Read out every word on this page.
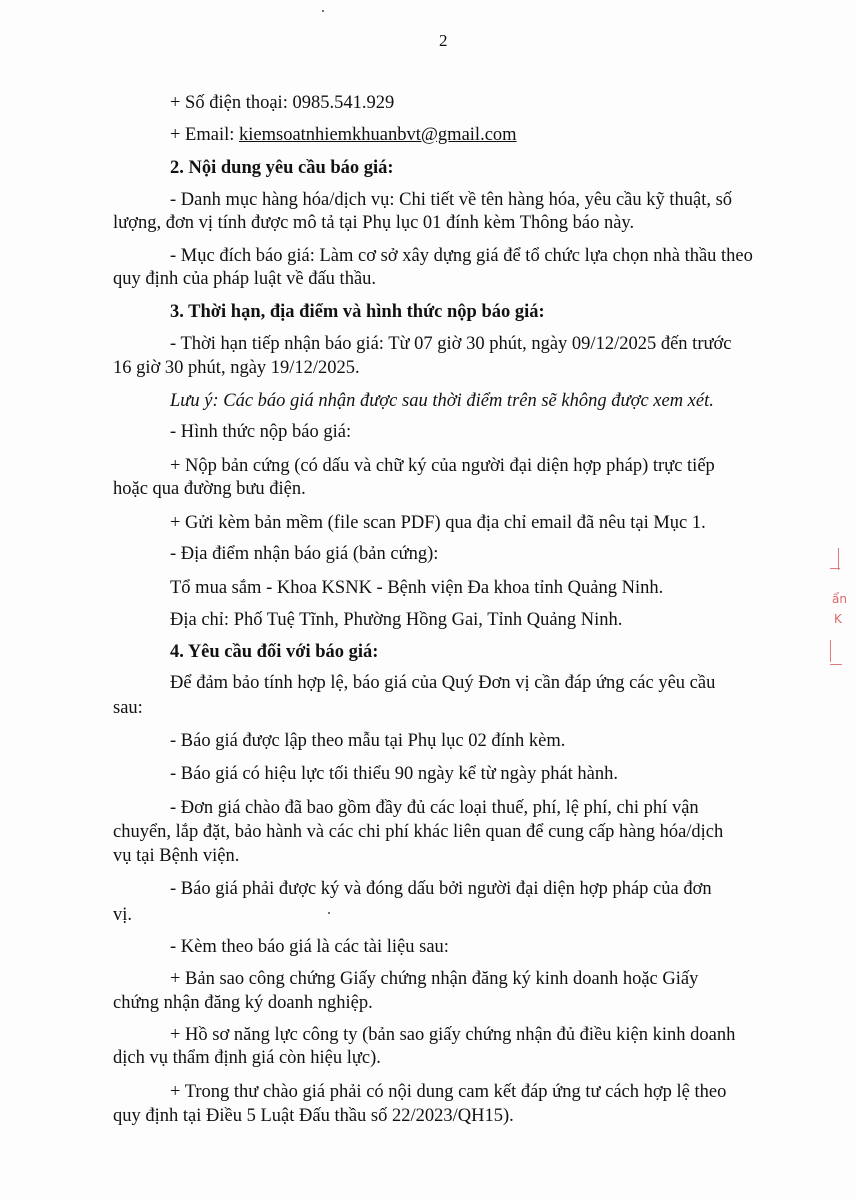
2

+ Số điện thoại: 0985.541.929

+ Email: kiemsoatnhiemkhuanbvt@gmail.com

2. Nội dung yêu cầu báo giá:

- Danh mục hàng hóa/dịch vụ: Chi tiết về tên hàng hóa, yêu cầu kỹ thuật, số

lượng, đơn vị tính được mô tả tại Phụ lục 01 đính kèm Thông báo này.

- Mục đích báo giá: Làm cơ sở xây dựng giá để tổ chức lựa chọn nhà thầu theo

quy định của pháp luật về đấu thầu.

3. Thời hạn, địa điểm và hình thức nộp báo giá:

- Thời hạn tiếp nhận báo giá: Từ 07 giờ 30 phút, ngày 09/12/2025 đến trước

16 giờ 30 phút, ngày 19/12/2025.

Lưu ý: Các báo giá nhận được sau thời điểm trên sẽ không được xem xét.

- Hình thức nộp báo giá:

+ Nộp bản cứng (có dấu và chữ ký của người đại diện hợp pháp) trực tiếp

hoặc qua đường bưu điện.

+ Gửi kèm bản mềm (file scan PDF) qua địa chỉ email đã nêu tại Mục 1.

- Địa điểm nhận báo giá (bản cứng):

Tổ mua sắm - Khoa KSNK - Bệnh viện Đa khoa tỉnh Quảng Ninh.

Địa chỉ: Phố Tuệ Tĩnh, Phường Hồng Gai, Tỉnh Quảng Ninh.

4. Yêu cầu đối với báo giá:

Để đảm bảo tính hợp lệ, báo giá của Quý Đơn vị cần đáp ứng các yêu cầu

sau:

- Báo giá được lập theo mẫu tại Phụ lục 02 đính kèm.

- Báo giá có hiệu lực tối thiểu 90 ngày kể từ ngày phát hành.

- Đơn giá chào đã bao gồm đầy đủ các loại thuế, phí, lệ phí, chi phí vận

chuyển, lắp đặt, bảo hành và các chi phí khác liên quan để cung cấp hàng hóa/dịch

vụ tại Bệnh viện.

- Báo giá phải được ký và đóng dấu bởi người đại diện hợp pháp của đơn

vị.

- Kèm theo báo giá là các tài liệu sau:

+ Bản sao công chứng Giấy chứng nhận đăng ký kinh doanh hoặc Giấy

chứng nhận đăng ký doanh nghiệp.

+ Hồ sơ năng lực công ty (bản sao giấy chứng nhận đủ điều kiện kinh doanh

dịch vụ thẩm định giá còn hiệu lực).

+ Trong thư chào giá phải có nội dung cam kết đáp ứng tư cách hợp lệ theo

quy định tại Điều 5 Luật Đấu thầu số 22/2023/QH15).

ẩn
K
